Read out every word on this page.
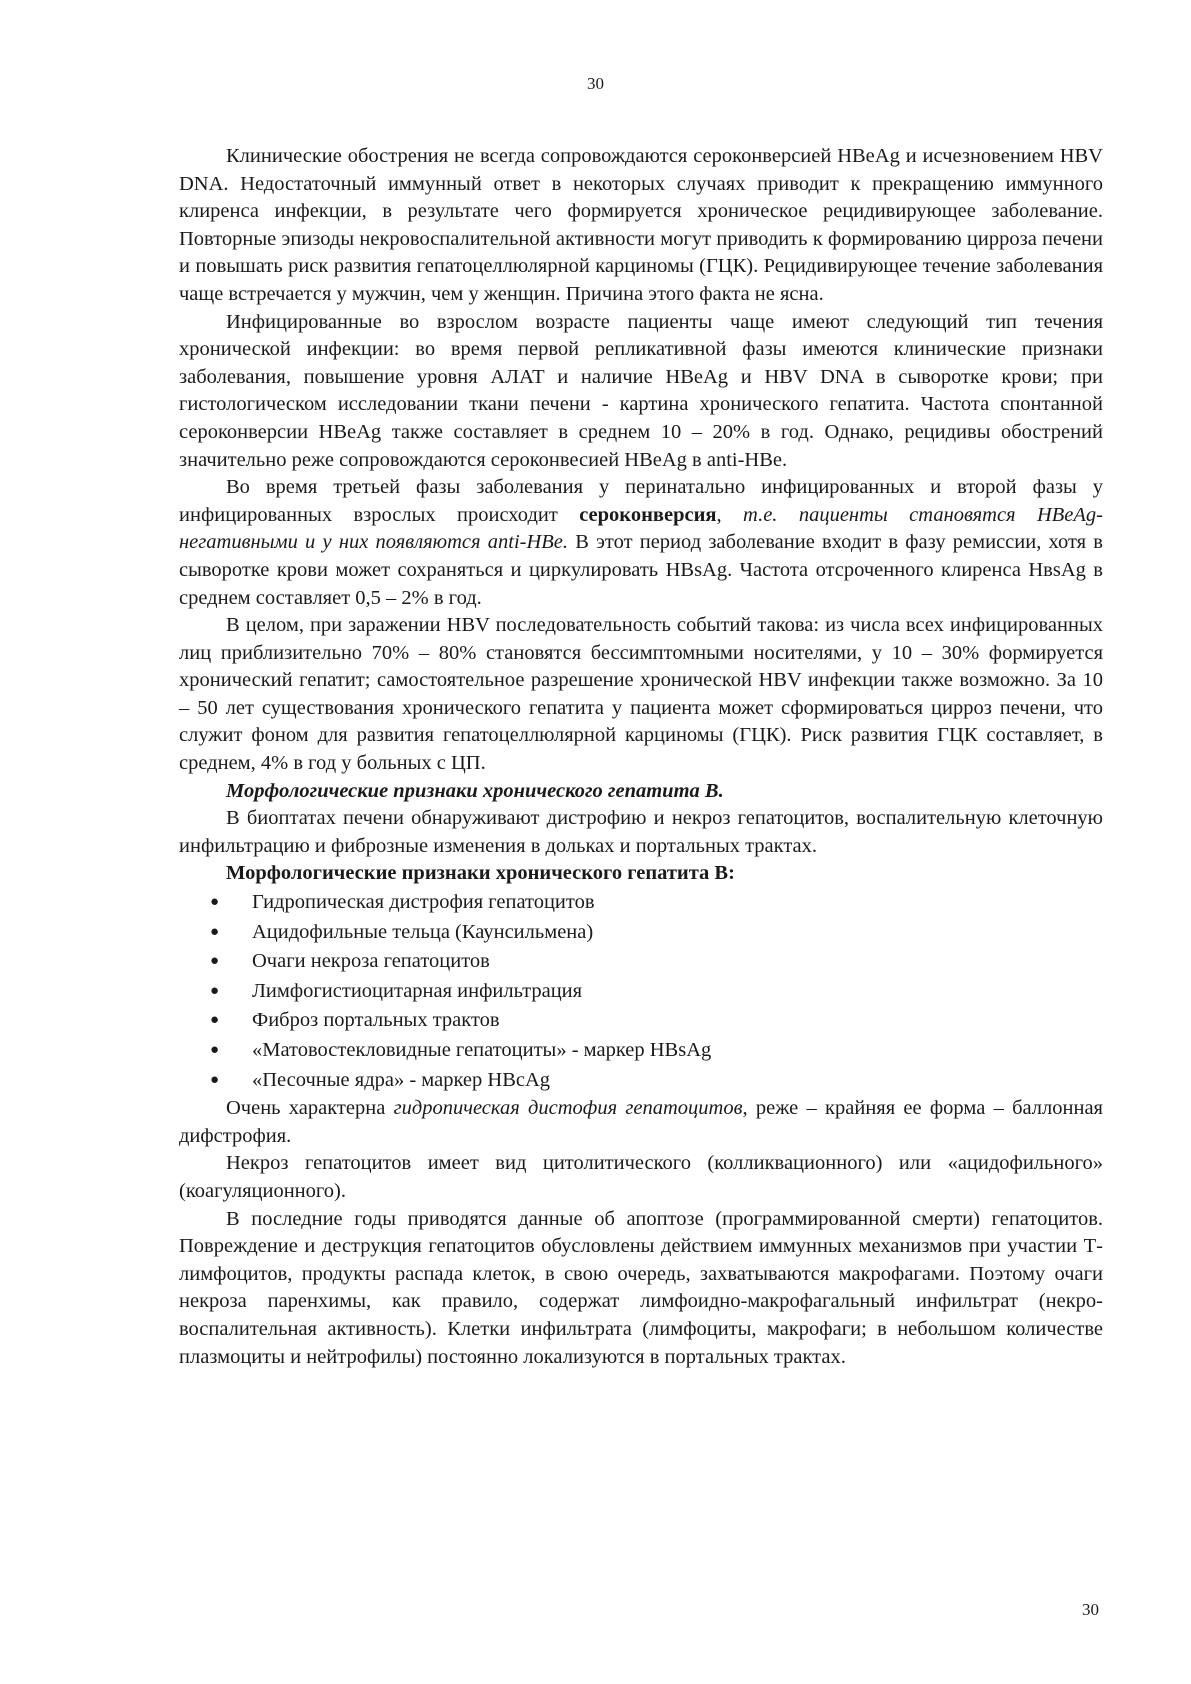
30

Клинические обострения не всегда сопровождаются сероконверсией HBeAg и исчезновением HBV DNA. Недостаточный иммунный ответ в некоторых случаях приводит к прекращению иммунного клиренса инфекции, в результате чего формируется хроническое рецидивирующее заболевание. Повторные эпизоды некровоспалительной активности могут приводить к формированию цирроза печени и повышать риск развития гепатоцеллюлярной карциномы (ГЦК). Рецидивирующее течение заболевания чаще встречается у мужчин, чем у женщин. Причина этого факта не ясна.

Инфицированные во взрослом возрасте пациенты чаще имеют следующий тип течения хронической инфекции: во время первой репликативной фазы имеются клинические признаки заболевания, повышение уровня АЛАТ и наличие HBeAg и HBV DNA в сыворотке крови; при гистологическом исследовании ткани печени - картина хронического гепатита. Частота спонтанной сероконверсии HBeAg также составляет в среднем 10 – 20% в год. Однако, рецидивы обострений значительно реже сопровождаются сероконвесией HBeAg в anti-HBe.

Во время третьей фазы заболевания у перинатально инфицированных и второй фазы у инфицированных взрослых происходит сероконверсия, т.е. пациенты становятся HBeAg-негативными и у них появляются anti-HBe. В этот период заболевание входит в фазу ремиссии, хотя в сыворотке крови может сохраняться и циркулировать HBsAg. Частота отсроченного клиренса HвsAg в среднем составляет 0,5 – 2% в год.

В целом, при заражении HBV последовательность событий такова: из числа всех инфицированных лиц приблизительно 70% – 80% становятся бессимптомными носителями, у 10 – 30% формируется хронический гепатит; самостоятельное разрешение хронической HBV инфекции также возможно. За 10 – 50 лет существования хронического гепатита у пациента может сформироваться цирроз печени, что служит фоном для развития гепатоцеллюлярной карциномы (ГЦК). Риск развития ГЦК составляет, в среднем, 4% в год у больных с ЦП.

Морфологические признаки хронического гепатита В.

В биоптатах печени обнаруживают дистрофию и некроз гепатоцитов, воспалительную клеточную инфильтрацию и фиброзные изменения в дольках и портальных трактах.

Морфологические признаки хронического гепатита В:
● Гидропическая дистрофия гепатоцитов
● Ацидофильные тельца (Каунсильмена)
● Очаги некроза гепатоцитов
● Лимфогистиоцитарная инфильтрация
● Фиброз портальных трактов
● «Матовостекловидные гепатоциты» - маркер HBsAg
● «Песочные ядра» - маркер HBcAg

Очень характерна гидропическая дистофия гепатоцитов, реже – крайняя ее форма – баллонная дифстрофия.

Некроз гепатоцитов имеет вид цитолитического (колликвационного) или «ацидофильного» (коагуляционного).

В последние годы приводятся данные об апоптозе (программированной смерти) гепатоцитов. Повреждение и деструкция гепатоцитов обусловлены действием иммунных механизмов при участии Т-лимфоцитов, продукты распада клеток, в свою очередь, захватываются макрофагами. Поэтому очаги некроза паренхимы, как правило, содержат лимфоидно-макрофагальный инфильтрат (некро-воспалительная активность). Клетки инфильтрата (лимфоциты, макрофаги; в небольшом количестве плазмоциты и нейтрофилы) постоянно локализуются в портальных трактах.

30
